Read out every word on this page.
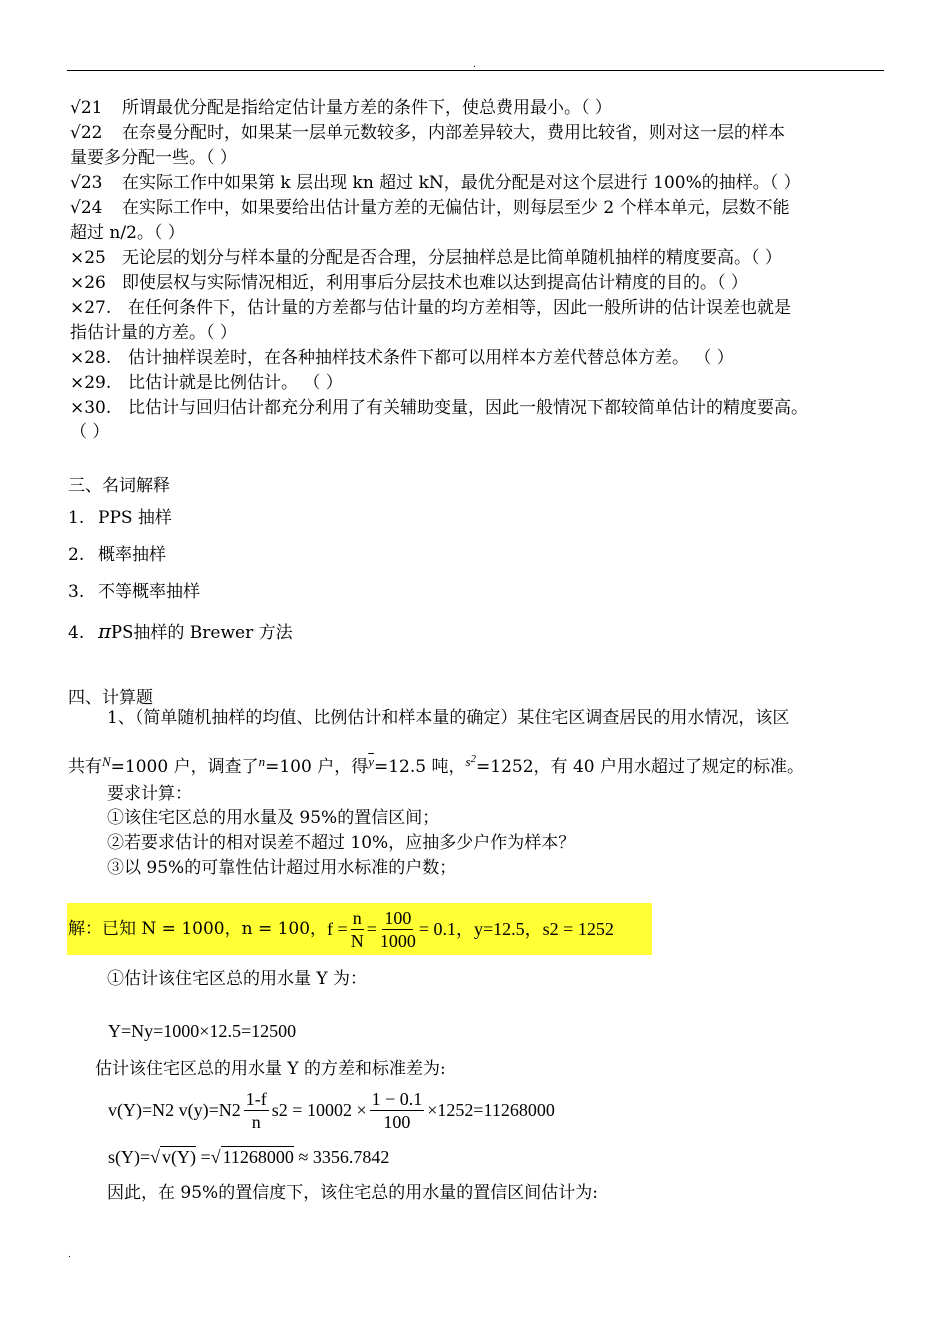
.
√21 所谓最优分配是指给定估计量方差的条件下，使总费用最小。（ ）
√22 在奈曼分配时，如果某一层单元数较多，内部差异较大，费用比较省，则对这一层的样本
量要多分配一些。（ ）
√23 在实际工作中如果第 k 层出现 kn 超过 kN，最优分配是对这个层进行 100%的抽样。（ ）
√24 在实际工作中，如果要给出估计量方差的无偏估计，则每层至少 2 个样本单元，层数不能
超过 n/2。（ ）
×25 无论层的划分与样本量的分配是否合理，分层抽样总是比简单随机抽样的精度要高。（ ）
×26 即使层权与实际情况相近，利用事后分层技术也难以达到提高估计精度的目的。（ ）
×27. 在任何条件下，估计量的方差都与估计量的均方差相等，因此一般所讲的估计误差也就是
指估计量的方差。（ ）
×28. 估计抽样误差时，在各种抽样技术条件下都可以用样本方差代替总体方差。 （ ）
×29. 比估计就是比例估计。 （ ）
×30. 比估计与回归估计都充分利用了有关辅助变量，因此一般情况下都较简单估计的精度要高。
（ ）
三、名词解释
1. PPS 抽样
2. 概率抽样
3. 不等概率抽样
4. πPS抽样的 Brewer 方法
四、计算题
1、（简单随机抽样的均值、比例估计和样本量的确定）某住宅区调查居民的用水情况，该区
共有$^N$=1000 户，调查了$^n$=100 户，得$^{\overline{y}}$=12.5 吨，$^{s2}$=1252，有 40 户用水超过了规定的标准。
要求计算：
①该住宅区总的用水量及 95%的置信区间；
②若要求估计的相对误差不超过 10%，应抽多少户作为样本？
③以 95%的可靠性估计超过用水标准的户数；
解：已知 N = 1000，n = 100， $f = \frac{n}{N} = \frac{100}{1000} = 0.1$， y=12.5， s2 = 1252
①估计该住宅区总的用水量 Y 为：
Y=Ny=1000×12.5=12500
估计该住宅区总的用水量 Y 的方差和标准差为:
v(Y)=N2 $v(y)=N2 \frac{1-f}{n} s2 = 10002 \times \frac{1 - 0.1}{100} \times 1252=11268000$
s(Y)=√ v(Y) =√ 11268000 ≈ 3356.7842
因此，在 95%的置信度下，该住宅总的用水量的置信区间估计为:
.
